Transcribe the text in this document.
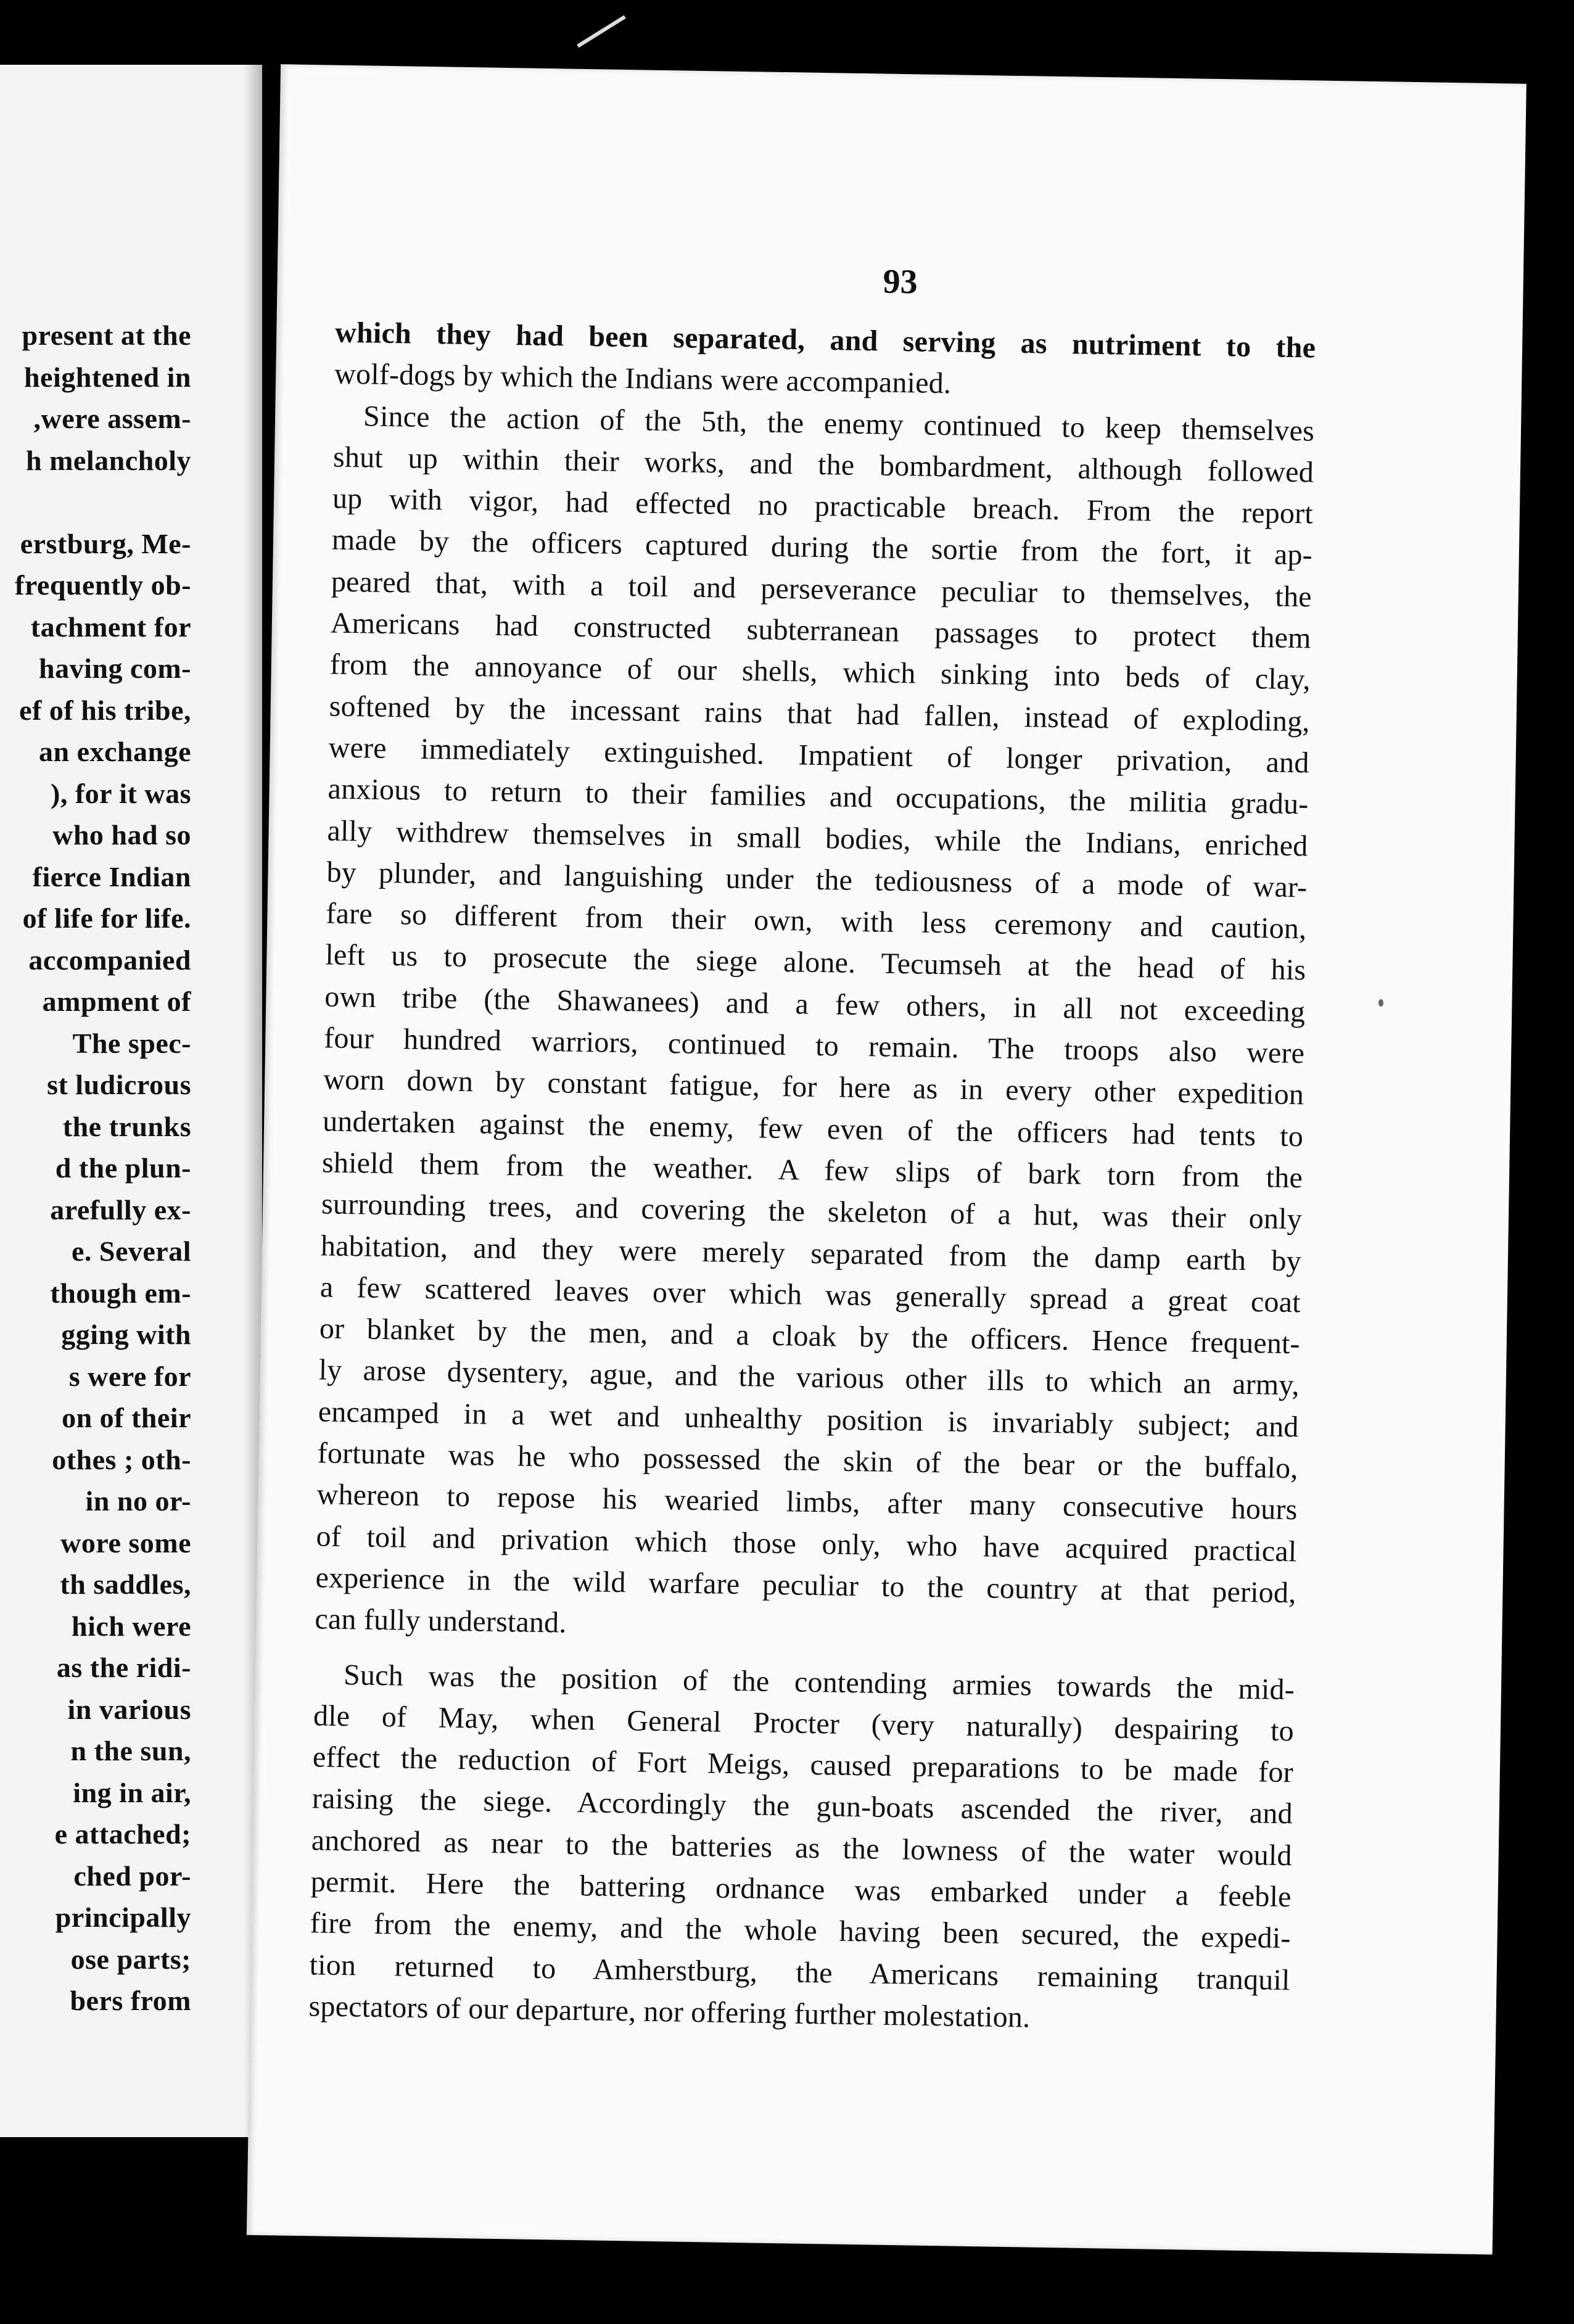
present at the
heightened in
,were assem-
h melancholy
erstburg, Me-
frequently ob-
tachment for
having com-
ef of his tribe,
an exchange
), for it was
who had so
fierce Indian
of life for life.
accompanied
ampment of
The spec-
st ludicrous
the trunks
d the plun-
arefully ex-
e. Several
though em-
gging with
s were for
on of their
othes ; oth-
in no or-
wore some
th saddles,
hich were
as the ridi-
in various
n the sun,
ing in air,
e attached;
ched por-
principally
ose parts;
bers from
93
which they had been separated, and serving as nutriment to the
wolf-dogs by which the Indians were accompanied.
Since the action of the 5th, the enemy continued to keep themselves
shut up within their works, and the bombardment, although followed
up with vigor, had effected no practicable breach. From the report
made by the officers captured during the sortie from the fort, it ap-
peared that, with a toil and perseverance peculiar to themselves, the
Americans had constructed subterranean passages to protect them
from the annoyance of our shells, which sinking into beds of clay,
softened by the incessant rains that had fallen, instead of exploding,
were immediately extinguished. Impatient of longer privation, and
anxious to return to their families and occupations, the militia gradu-
ally withdrew themselves in small bodies, while the Indians, enriched
by plunder, and languishing under the tediousness of a mode of war-
fare so different from their own, with less ceremony and caution,
left us to prosecute the siege alone. Tecumseh at the head of his
own tribe (the Shawanees) and a few others, in all not exceeding
four hundred warriors, continued to remain. The troops also were
worn down by constant fatigue, for here as in every other expedition
undertaken against the enemy, few even of the officers had tents to
shield them from the weather. A few slips of bark torn from the
surrounding trees, and covering the skeleton of a hut, was their only
habitation, and they were merely separated from the damp earth by
a few scattered leaves over which was generally spread a great coat
or blanket by the men, and a cloak by the officers. Hence frequent-
ly arose dysentery, ague, and the various other ills to which an army,
encamped in a wet and unhealthy position is invariably subject; and
fortunate was he who possessed the skin of the bear or the buffalo,
whereon to repose his wearied limbs, after many consecutive hours
of toil and privation which those only, who have acquired practical
experience in the wild warfare peculiar to the country at that period,
can fully understand.
Such was the position of the contending armies towards the mid-
dle of May, when General Procter (very naturally) despairing to
effect the reduction of Fort Meigs, caused preparations to be made for
raising the siege. Accordingly the gun-boats ascended the river, and
anchored as near to the batteries as the lowness of the water would
permit. Here the battering ordnance was embarked under a feeble
fire from the enemy, and the whole having been secured, the expedi-
tion returned to Amherstburg, the Americans remaining tranquil
spectators of our departure, nor offering further molestation.
